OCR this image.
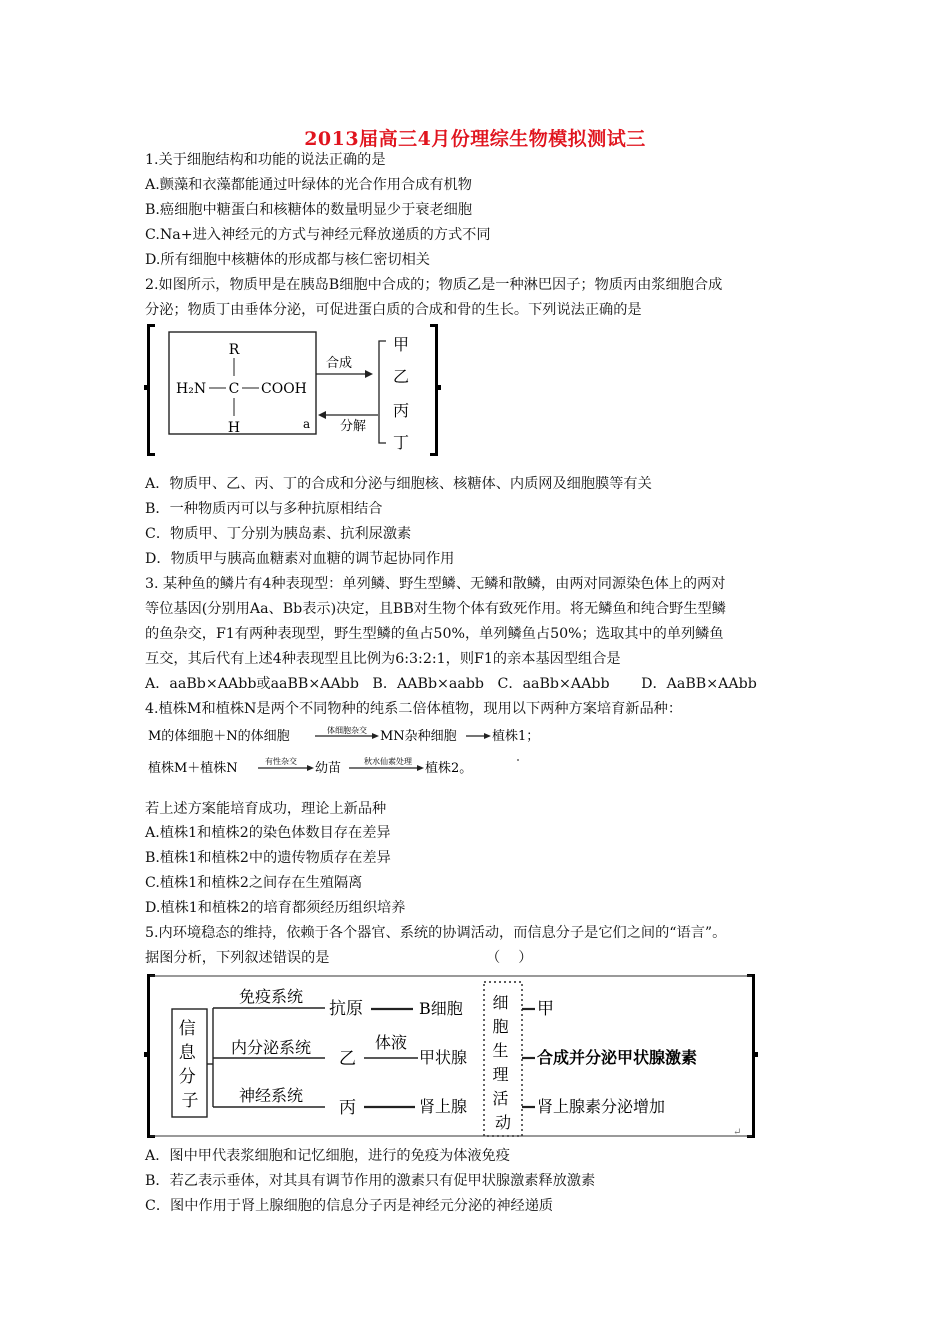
2013届高三4月份理综生物模拟测试三
1.关于细胞结构和功能的说法正确的是
A.颤藻和衣藻都能通过叶绿体的光合作用合成有机物
B.癌细胞中糖蛋白和核糖体的数量明显少于衰老细胞
C.Na+进入神经元的方式与神经元释放递质的方式不同
D.所有细胞中核糖体的形成都与核仁密切相关
2.如图所示，物质甲是在胰岛B细胞中合成的；物质乙是一种淋巴因子；物质丙由浆细胞合成
分泌；物质丁由垂体分泌，可促进蛋白质的合成和骨的生长。下列说法正确的是
R
H₂N C COOH
H	a
合成
分解
甲
乙
丙
丁
A．物质甲、乙、丙、丁的合成和分泌与细胞核、核糖体、内质网及细胞膜等有关
B．一种物质丙可以与多种抗原相结合
C．物质甲、丁分别为胰岛素、抗利尿激素
D．物质甲与胰高血糖素对血糖的调节起协同作用
3. 某种鱼的鳞片有4种表现型：单列鳞、野生型鳞、无鳞和散鳞，由两对同源染色体上的两对
等位基因(分别用Aa、Bb表示)决定，且BB对生物个体有致死作用。将无鳞鱼和纯合野生型鳞
的鱼杂交，F1有两种表现型，野生型鳞的鱼占50%，单列鳞鱼占50%；选取其中的单列鳞鱼
互交，其后代有上述4种表现型且比例为6:3:2:1，则F1的亲本基因型组合是
A．aaBb×AAbb或aaBB×AAbb   B．AABb×aabb   C．aaBb×AAbb       D．AaBB×AAbb
4.植株M和植株N是两个不同物种的纯系二倍体植物，现用以下两种方案培育新品种：
M的体细胞＋N的体细胞	体细胞杂交 MN杂种细胞	植株1；
植株M＋植株N	有性杂交 幼苗	秋水仙素处理 植株2。
若上述方案能培育成功，理论上新品种
A.植株1和植株2的染色体数目存在差异
B.植株1和植株2中的遗传物质存在差异
C.植株1和植株2之间存在生殖隔离
D.植株1和植株2的培育都须经历组织培养
5.内环境稳态的维持，依赖于各个器官、系统的协调活动，而信息分子是它们之间的“语言”。
据图分析，下列叙述错误的是	（    ）
信 息 分 子
免疫系统
内分泌系统
神经系统
抗原
乙
丙
体液
B细胞
甲状腺
肾上腺
细 胞 生 理 活 动
甲
合成并分泌甲状腺激素
肾上腺素分泌增加
↵
A．图中甲代表浆细胞和记忆细胞，进行的免疫为体液免疫
B．若乙表示垂体，对其具有调节作用的激素只有促甲状腺激素释放激素
C．图中作用于肾上腺细胞的信息分子丙是神经元分泌的神经递质
